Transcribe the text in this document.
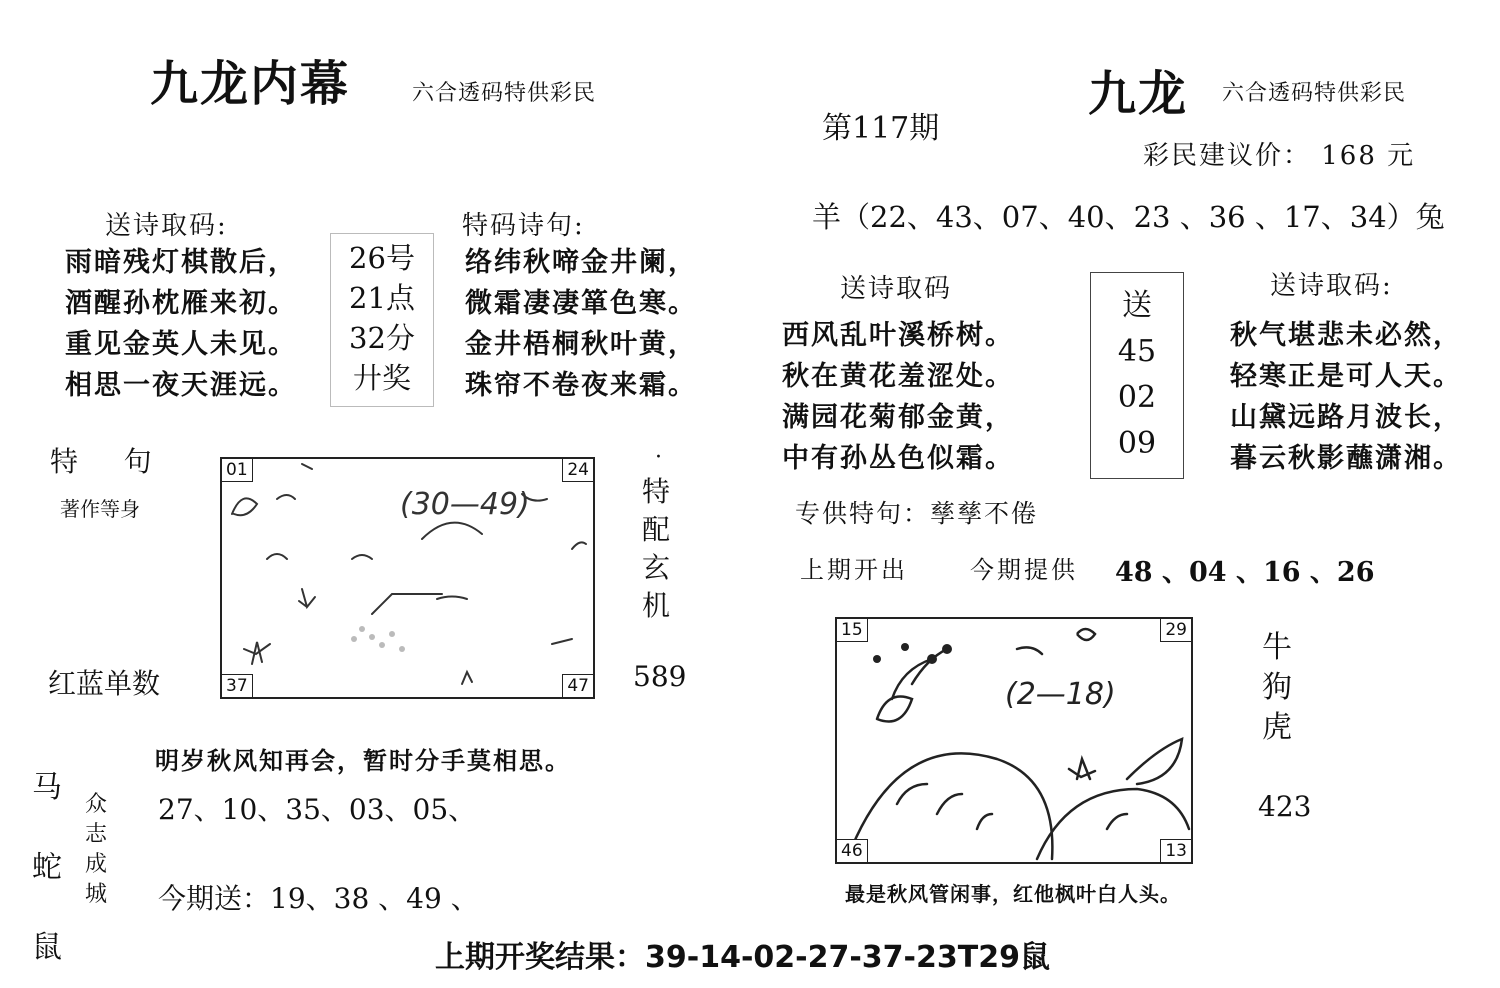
九龙内幕	六合透码特供彩民
送诗取码:
雨暗残灯棋散后，
酒醒孙枕雁来初。
重见金英人未见。
相思一夜天涯远。
26号
21点
32分
廾奖
特码诗句:
络纬秋啼金井阑，
微霜凄凄箪色寒。
金井梧桐秋叶黄，
珠帘不卷夜来霜。
特    句
著作等身	(30—49)
01	24
37	47
·
特配玄机
红蓝单数	589
马
蛇
鼠
明岁秋风知再会，暂时分手莫相思。
27、10、35、03、05、
众志成城 今期送：19、38 、49 、
九龙 六合透码特供彩民
第117期
彩民建议价： 168 元
羊（22、43、07、40、23 、36 、17、34）兔
送诗取码
西风乱叶溪桥树。
秋在黄花羞涩处。
满园花菊郁金黄，
中有孙丛色似霜。
送
45
02
09
送诗取码:
秋气堪悲未必然，
轻寒正是可人天。
山黛远路月波长，
暮云秋影蘸潇湘。
专供特句：孳孳不倦
上期开出	今期提供 48 、04 、16 、26
(2—18)
15	29
46	13
牛
狗
虎
423
最是秋风管闲事，红他枫叶白人头。
上期开奖结果：39-14-02-27-37-23T29鼠
